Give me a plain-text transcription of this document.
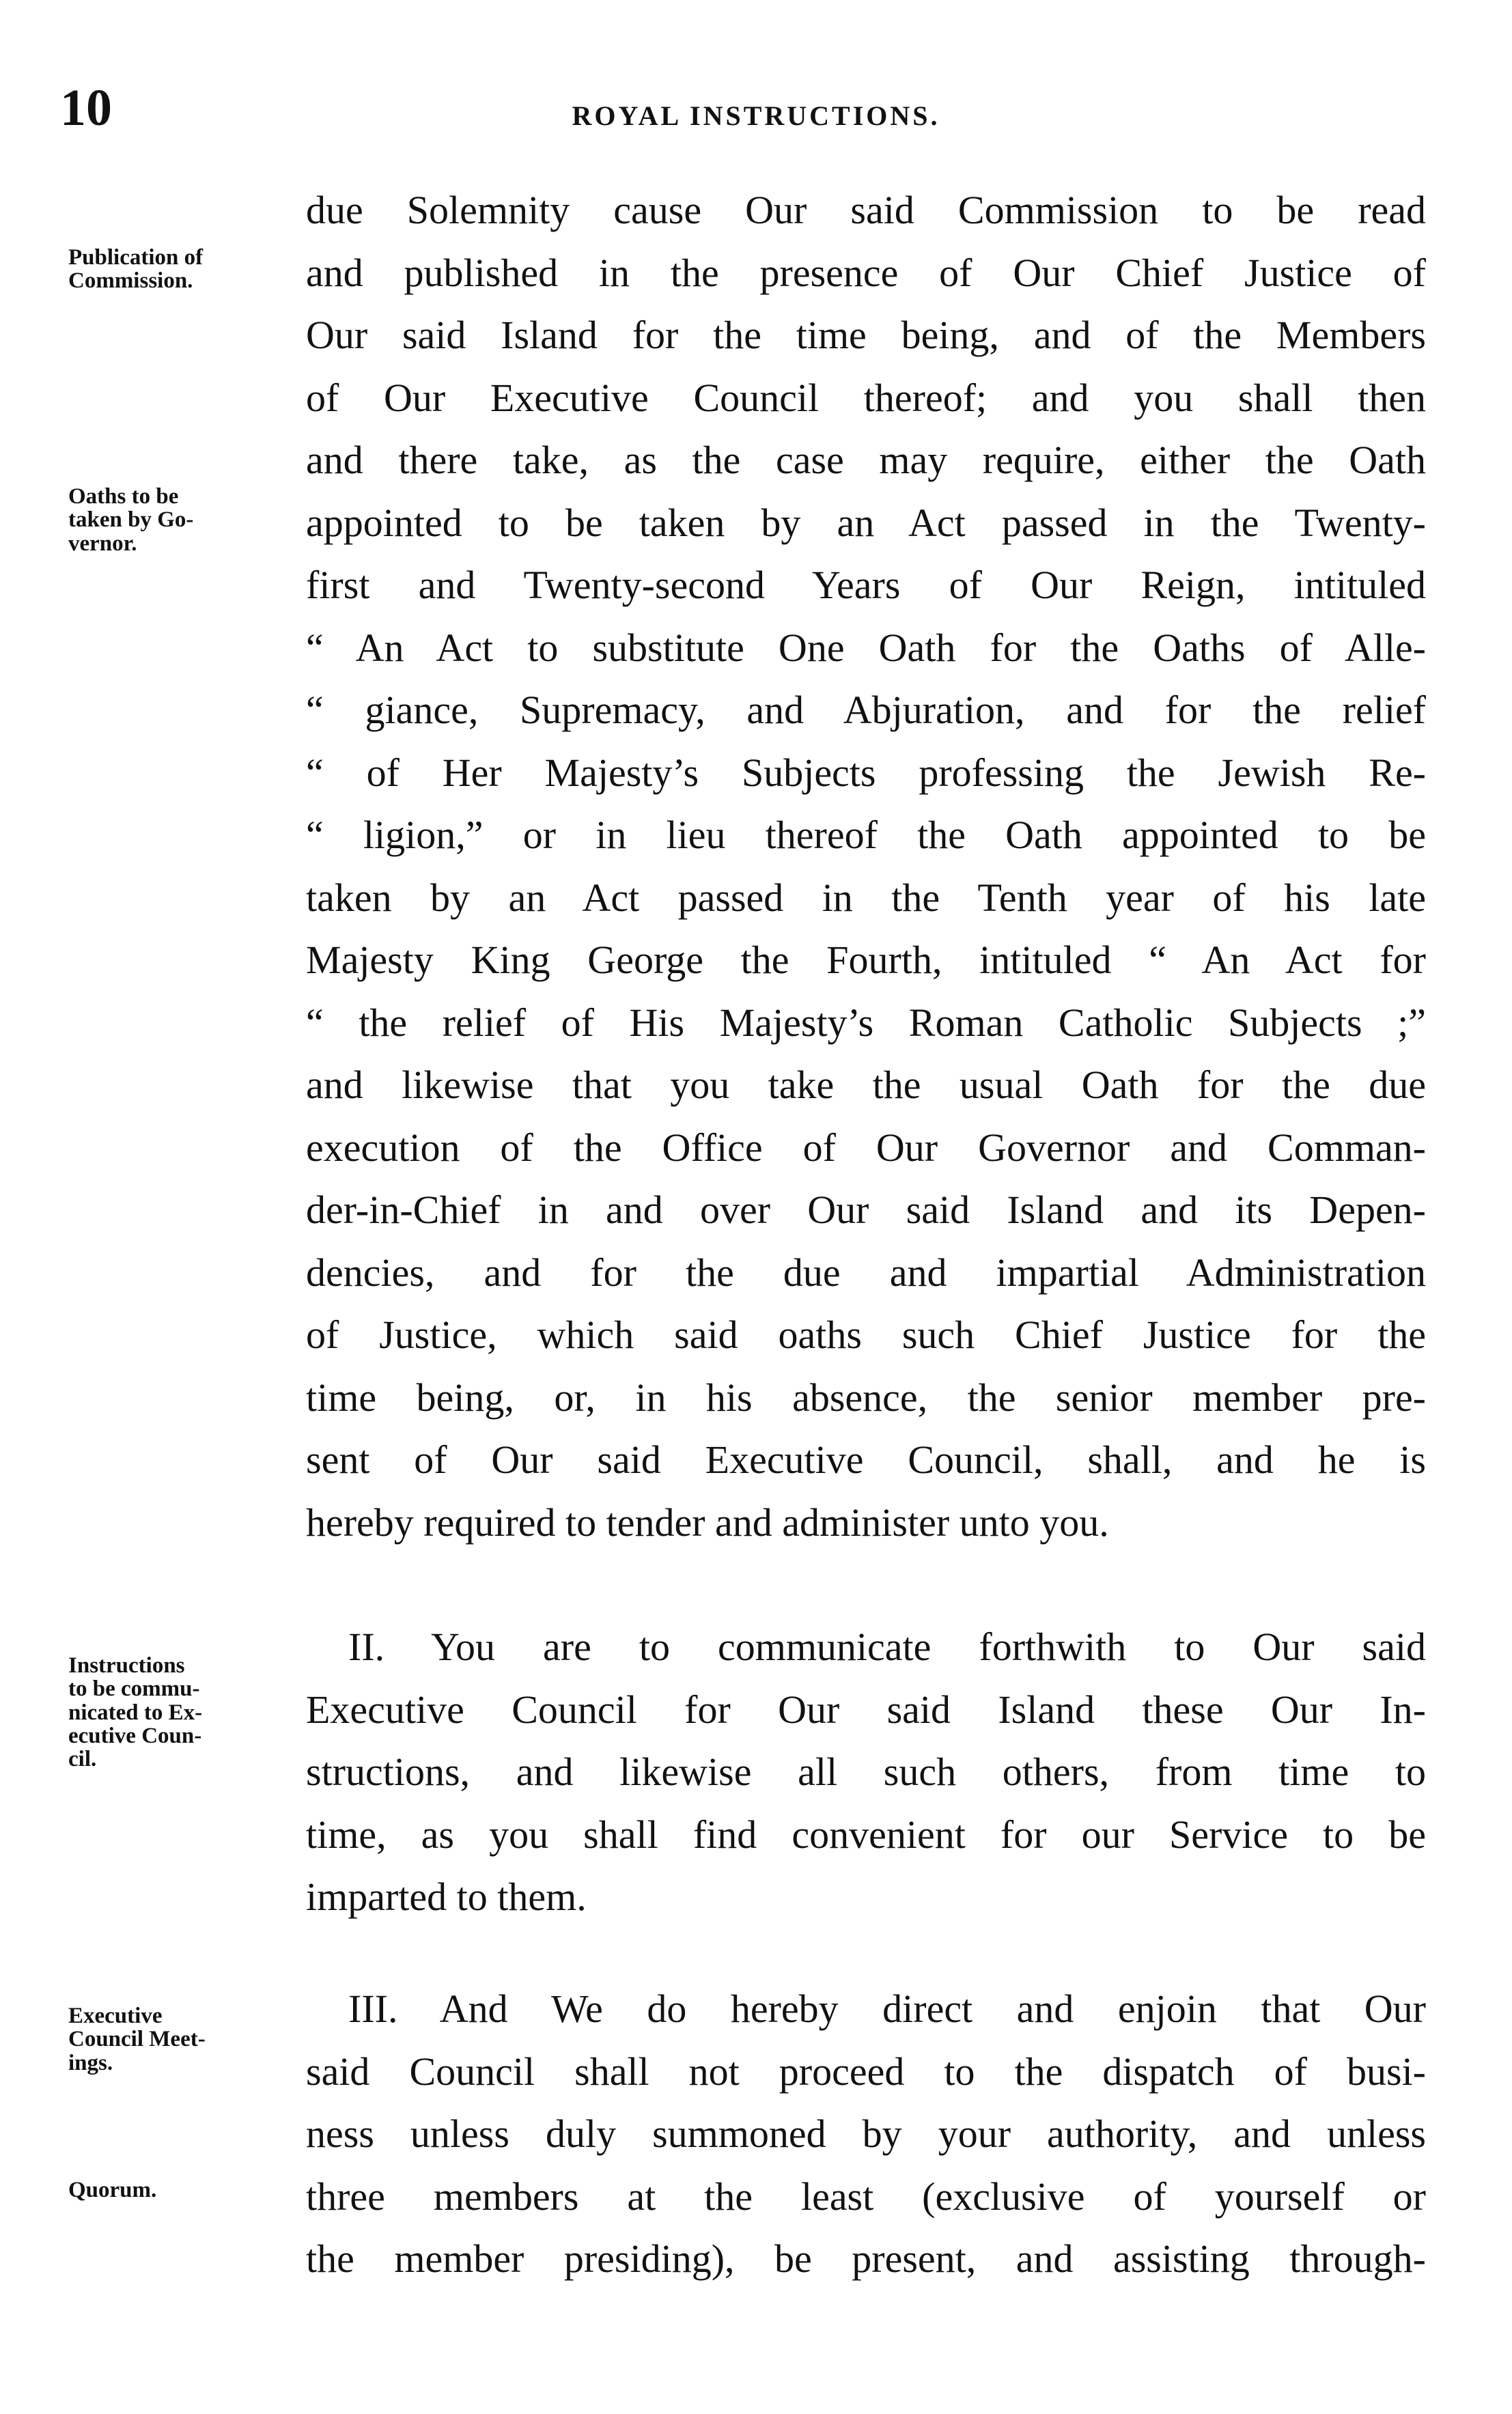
10	ROYAL INSTRUCTIONS.
Publication of
Commission.
Oaths to be
taken by Go-
vernor.
Instructions
to be commu-
nicated to Ex-
ecutive Coun-
cil.
Executive
Council Meet-
ings.
Quorum.
due Solemnity cause Our said Commission to be read
and published in the presence of Our Chief Justice of
Our said Island for the time being, and of the Members
of Our Executive Council thereof; and you shall then
and there take, as the case may require, either the Oath
appointed to be taken by an Act passed in the Twenty-
first and Twenty-second Years of Our Reign, intituled
“ An Act to substitute One Oath for the Oaths of Alle-
“ giance, Supremacy, and Abjuration, and for the relief
“ of Her Majesty’s Subjects professing the Jewish Re-
“ ligion,” or in lieu thereof the Oath appointed to be
taken by an Act passed in the Tenth year of his late
Majesty King George the Fourth, intituled “ An Act for
“ the relief of His Majesty’s Roman Catholic Subjects ;”
and likewise that you take the usual Oath for the due
execution of the Office of Our Governor and Comman-
der-in-Chief in and over Our said Island and its Depen-
dencies, and for the due and impartial Administration
of Justice, which said oaths such Chief Justice for the
time being, or, in his absence, the senior member pre-
sent of Our said Executive Council, shall, and he is
hereby required to tender and administer unto you.
II. You are to communicate forthwith to Our said
Executive Council for Our said Island these Our In-
structions, and likewise all such others, from time to
time, as you shall find convenient for our Service to be
imparted to them.
III. And We do hereby direct and enjoin that Our
said Council shall not proceed to the dispatch of busi-
ness unless duly summoned by your authority, and unless
three members at the least (exclusive of yourself or
the member presiding), be present, and assisting through-
